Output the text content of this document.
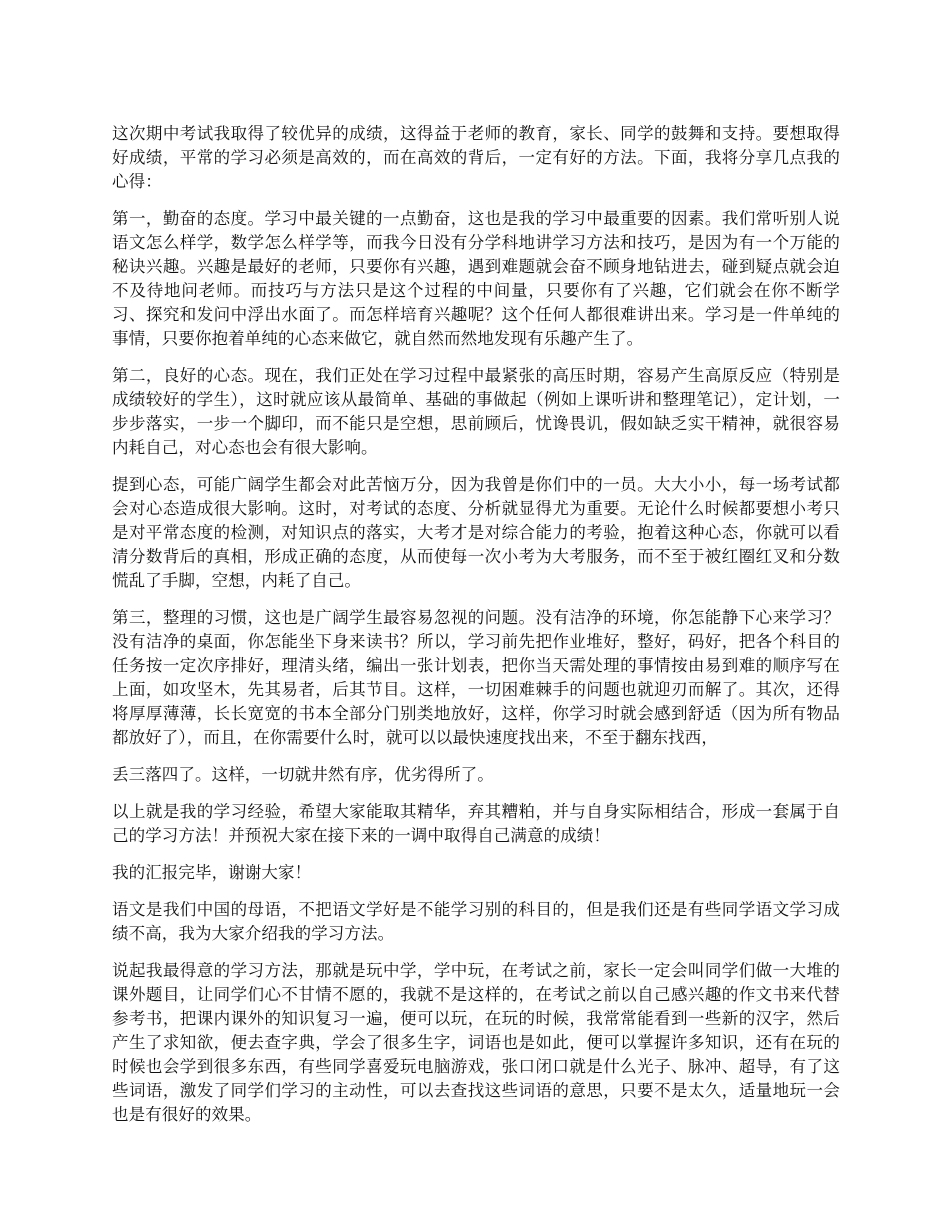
这次期中考试我取得了较优异的成绩，这得益于老师的教育，家长、同学的鼓舞和支持。要想取得好成绩，平常的学习必须是高效的，而在高效的背后，一定有好的方法。下面，我将分享几点我的心得：

第一，勤奋的态度。学习中最关键的一点勤奋，这也是我的学习中最重要的因素。我们常听别人说语文怎么样学，数学怎么样学等，而我今日没有分学科地讲学习方法和技巧，是因为有一个万能的秘诀兴趣。兴趣是最好的老师，只要你有兴趣，遇到难题就会奋不顾身地钻进去，碰到疑点就会迫不及待地问老师。而技巧与方法只是这个过程的中间量，只要你有了兴趣，它们就会在你不断学习、探究和发问中浮出水面了。而怎样培育兴趣呢？这个任何人都很难讲出来。学习是一件单纯的事情，只要你抱着单纯的心态来做它，就自然而然地发现有乐趣产生了。

第二，良好的心态。现在，我们正处在学习过程中最紧张的高压时期，容易产生高原反应（特别是成绩较好的学生），这时就应该从最简单、基础的事做起（例如上课听讲和整理笔记），定计划，一步步落实，一步一个脚印，而不能只是空想，思前顾后，忧谗畏讥，假如缺乏实干精神，就很容易内耗自己，对心态也会有很大影响。

提到心态，可能广阔学生都会对此苦恼万分，因为我曾是你们中的一员。大大小小，每一场考试都会对心态造成很大影响。这时，对考试的态度、分析就显得尤为重要。无论什么时候都要想小考只是对平常态度的检测，对知识点的落实，大考才是对综合能力的考验，抱着这种心态，你就可以看清分数背后的真相，形成正确的态度，从而使每一次小考为大考服务，而不至于被红圈红叉和分数慌乱了手脚，空想，内耗了自己。

第三，整理的习惯，这也是广阔学生最容易忽视的问题。没有洁净的环境，你怎能静下心来学习？没有洁净的桌面，你怎能坐下身来读书？所以，学习前先把作业堆好，整好，码好，把各个科目的任务按一定次序排好，理清头绪，编出一张计划表，把你当天需处理的事情按由易到难的顺序写在上面，如攻坚木，先其易者，后其节目。这样，一切困难棘手的问题也就迎刃而解了。其次，还得将厚厚薄薄，长长宽宽的书本全部分门别类地放好，这样，你学习时就会感到舒适（因为所有物品都放好了），而且，在你需要什么时，就可以以最快速度找出来，不至于翻东找西，

丢三落四了。这样，一切就井然有序，优劣得所了。

以上就是我的学习经验，希望大家能取其精华，弃其糟粕，并与自身实际相结合，形成一套属于自己的学习方法！并预祝大家在接下来的一调中取得自己满意的成绩！

我的汇报完毕，谢谢大家！

语文是我们中国的母语，不把语文学好是不能学习别的科目的，但是我们还是有些同学语文学习成绩不高，我为大家介绍我的学习方法。

说起我最得意的学习方法，那就是玩中学，学中玩，在考试之前，家长一定会叫同学们做一大堆的课外题目，让同学们心不甘情不愿的，我就不是这样的，在考试之前以自己感兴趣的作文书来代替参考书，把课内课外的知识复习一遍，便可以玩，在玩的时候，我常常能看到一些新的汉字，然后产生了求知欲，便去查字典，学会了很多生字，词语也是如此，便可以掌握许多知识，还有在玩的时候也会学到很多东西，有些同学喜爱玩电脑游戏，张口闭口就是什么光子、脉冲、超导，有了这些词语，激发了同学们学习的主动性，可以去查找这些词语的意思，只要不是太久，适量地玩一会也是有很好的效果。
